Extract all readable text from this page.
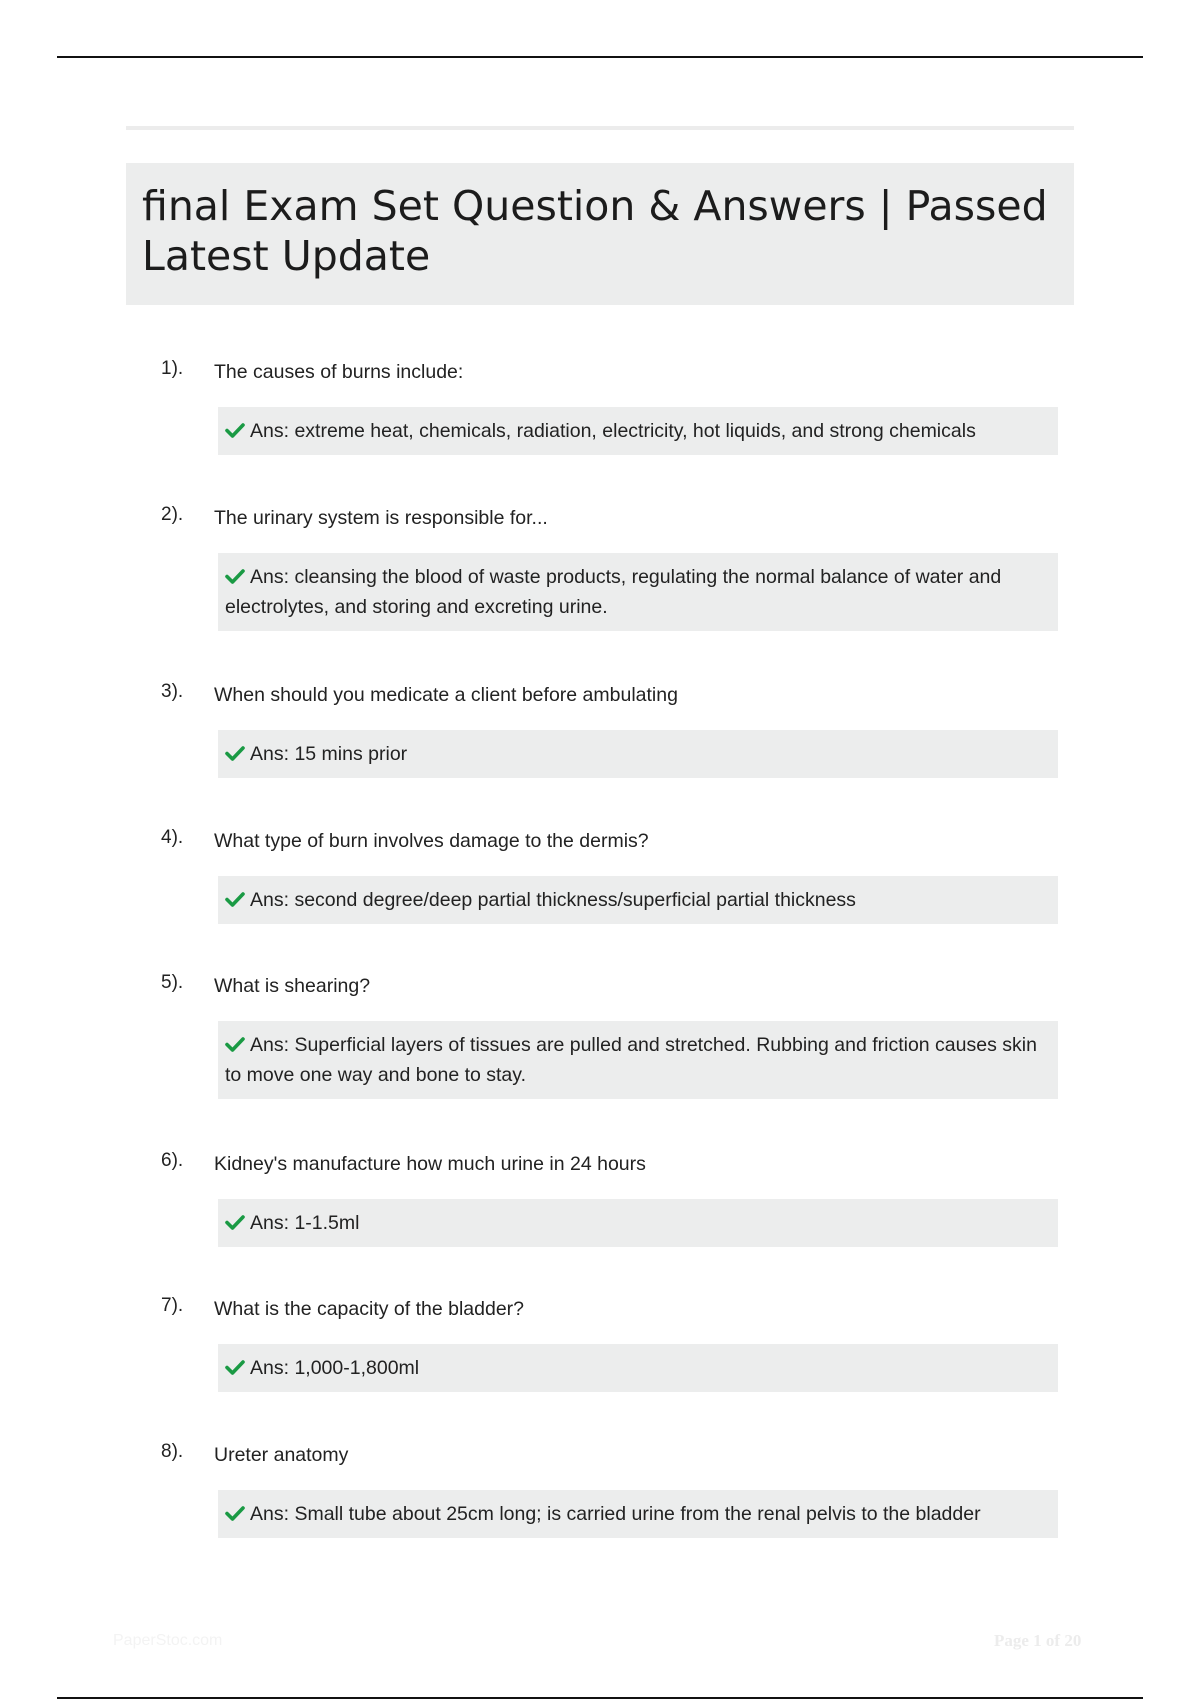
final Exam Set Question & Answers | Passed Latest Update
1). The causes of burns include:
Ans: extreme heat, chemicals, radiation, electricity, hot liquids, and strong chemicals
2). The urinary system is responsible for...
Ans: cleansing the blood of waste products, regulating the normal balance of water and electrolytes, and storing and excreting urine.
3). When should you medicate a client before ambulating
Ans: 15 mins prior
4). What type of burn involves damage to the dermis?
Ans: second degree/deep partial thickness/superficial partial thickness
5). What is shearing?
Ans: Superficial layers of tissues are pulled and stretched. Rubbing and friction causes skin to move one way and bone to stay.
6). Kidney's manufacture how much urine in 24 hours
Ans: 1-1.5ml
7). What is the capacity of the bladder?
Ans: 1,000-1,800ml
8). Ureter anatomy
Ans: Small tube about 25cm long; is carried urine from the renal pelvis to the bladder
PaperStoc.com	Page 1 of 20
